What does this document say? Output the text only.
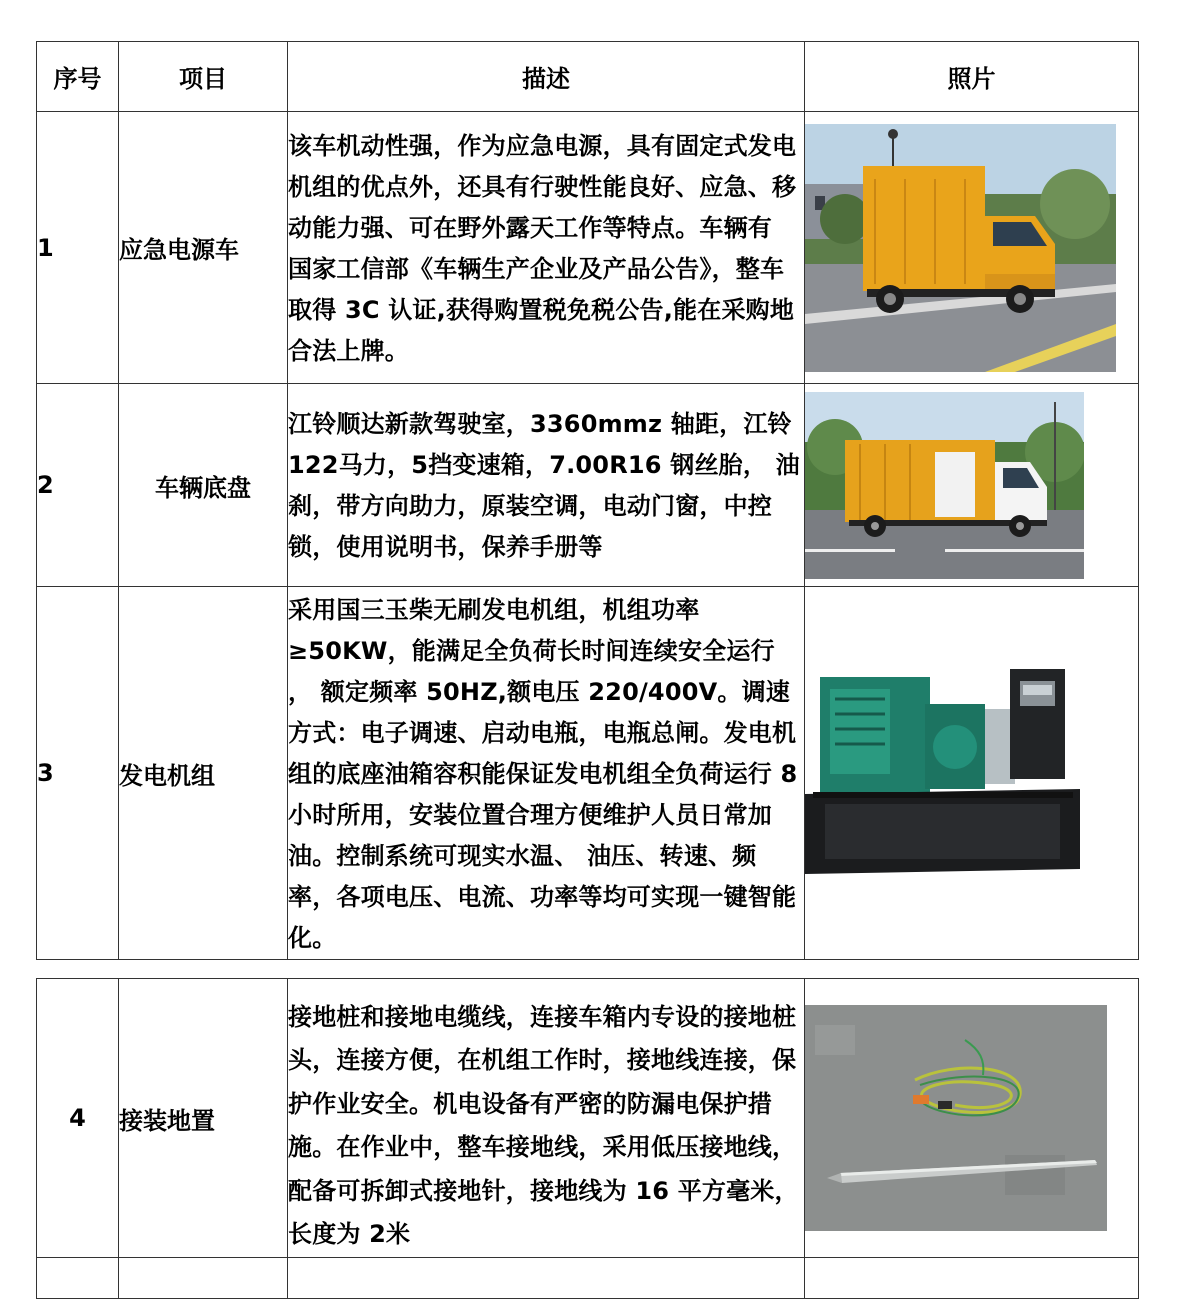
序号	项目	描述	照片
1	应急电源车	该车机动性强，作为应急电源，具有固定式发电机组的优点外，还具有行驶性能良好、应急、移动能力强、可在野外露天工作等特点。车辆有 国家工信部《车辆生产企业及产品公告》，整车取得 3C 认证,获得购置税免税公告,能在采购地合法上牌。	

2	车辆底盘	江铃顺达新款驾驶室，3360mmz 轴距，江铃122马力，5挡变速箱，7.00R16 钢丝胎， 油刹，带方向助力，原装空调，电动门窗，中控锁，使用说明书，保养手册等	

3	发电机组	采用国三玉柴无刷发电机组，机组功率≥50KW，能满足全负荷长时间连续安全运行 ， 额定频率 50HZ,额电压 220/400V。调速方式：电子调速、启动电瓶，电瓶总闸。发电机组的底座油箱容积能保证发电机组全负荷运行 8 小时所用，安装位置合理方便维护人员日常加油。控制系统可现实水温、 油压、转速、频率，各项电压、电流、功率等均可实现一键智能化。	
4	接装地置	接地桩和接地电缆线，连接车箱内专设的接地桩头，连接方便，在机组工作时，接地线连接，保护作业安全。机电设备有严密的防漏电保护措施。在作业中，整车接地线，采用低压接地线，配备可拆卸式接地针，接地线为 16 平方毫米，长度为 2米	
